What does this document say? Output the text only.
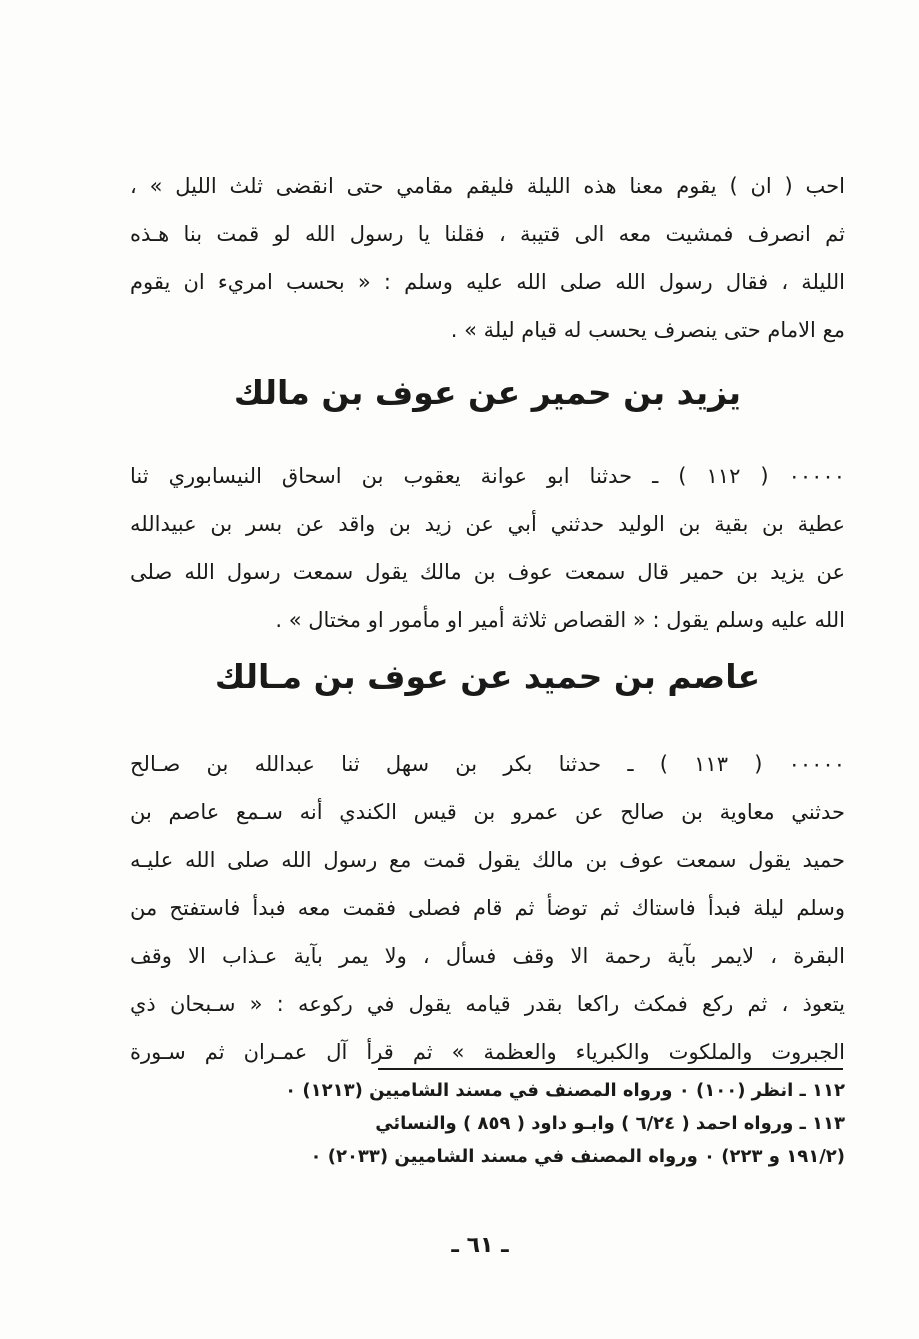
احب ( ان ) يقوم معنا هذه الليلة فليقم مقامي حتى انقضى ثلث الليل » ،
ثم انصرف فمشيت معه الى قتيبة ، فقلنا يا رسول الله لو قمت بنا هـذه
الليلة ، فقال رسول الله صلى الله عليه وسلم : « بحسب امريء ان يقوم
مع الامام حتى ينصرف يحسب له قيام ليلة » .
يزيد بن حمير عن عوف بن مالك
٠٠٠٠٠ ( ١١٢ ) ـ حدثنا ابو عوانة يعقوب بن اسحاق النيسابوري ثنا
عطية بن بقية بن الوليد حدثني أبي عن زيد بن واقد عن بسر بن عبيدالله
عن يزيد بن حمير قال سمعت عوف بن مالك يقول سمعت رسول الله صلى
الله عليه وسلم يقول : « القصاص ثلاثة أمير او مأمور او مختال » .
عاصم بن حميد عن عوف بن مـالك
٠٠٠٠٠ ( ١١٣ ) ـ حدثنا بكر بن سهل ثنا عبدالله بن صـالح
حدثني معاوية بن صالح عن عمرو بن قيس الكندي أنه سـمع عاصم بن
حميد يقول سمعت عوف بن مالك يقول قمت مع رسول الله صلى الله عليـه
وسلم ليلة فبدأ فاستاك ثم توضأ ثم قام فصلى فقمت معه فبدأ فاستفتح من
البقرة ، لايمر بآية رحمة الا وقف فسأل ، ولا يمر بآية عـذاب الا وقف
يتعوذ ، ثم ركع فمكث راكعا بقدر قيامه يقول في ركوعه : « سـبحان ذي
الجبروت والملكوت والكبرياء والعظمة » ثم قرأ آل عمـران ثم سـورة
١١٢ ـ انظر (١٠٠) ٠ ورواه المصنف في مسند الشاميين (١٢١٣) ٠
١١٣ ـ ورواه احمد ( ٦/٢٤ ) وابـو داود ( ٨٥٩ ) والنسائي
(١٩١/٢ و ٢٢٣) ٠ ورواه المصنف في مسند الشاميين (٢٠٣٣) ٠
ـ ٦١ ـ
